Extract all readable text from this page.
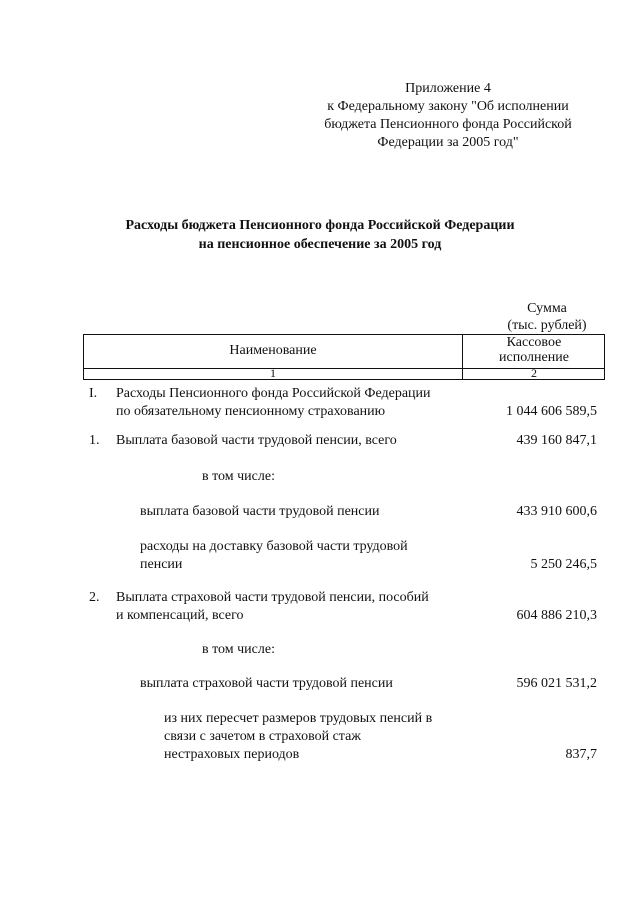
Приложение 4
к Федеральному закону "Об исполнении
бюджета Пенсионного фонда Российской
Федерации за 2005 год"
Расходы бюджета Пенсионного фонда Российской Федерации
на пенсионное обеспечение за 2005 год
Сумма
(тыс. рублей)
Наименование
Кассовое
исполнение
1	2
I. Расходы Пенсионного фонда Российской Федерации
по обязательному пенсионному страхованию	1 044 606 589,5
1. Выплата базовой части трудовой пенсии, всего	439 160 847,1
в том числе:
выплата базовой части трудовой пенсии	433 910 600,6
расходы на доставку базовой части трудовой
пенсии	5 250 246,5
2. Выплата страховой части трудовой пенсии, пособий
и компенсаций, всего	604 886 210,3
в том числе:
выплата страховой части трудовой пенсии	596 021 531,2
из них пересчет размеров трудовых пенсий в
связи с зачетом в страховой стаж
нестраховых периодов	837,7
